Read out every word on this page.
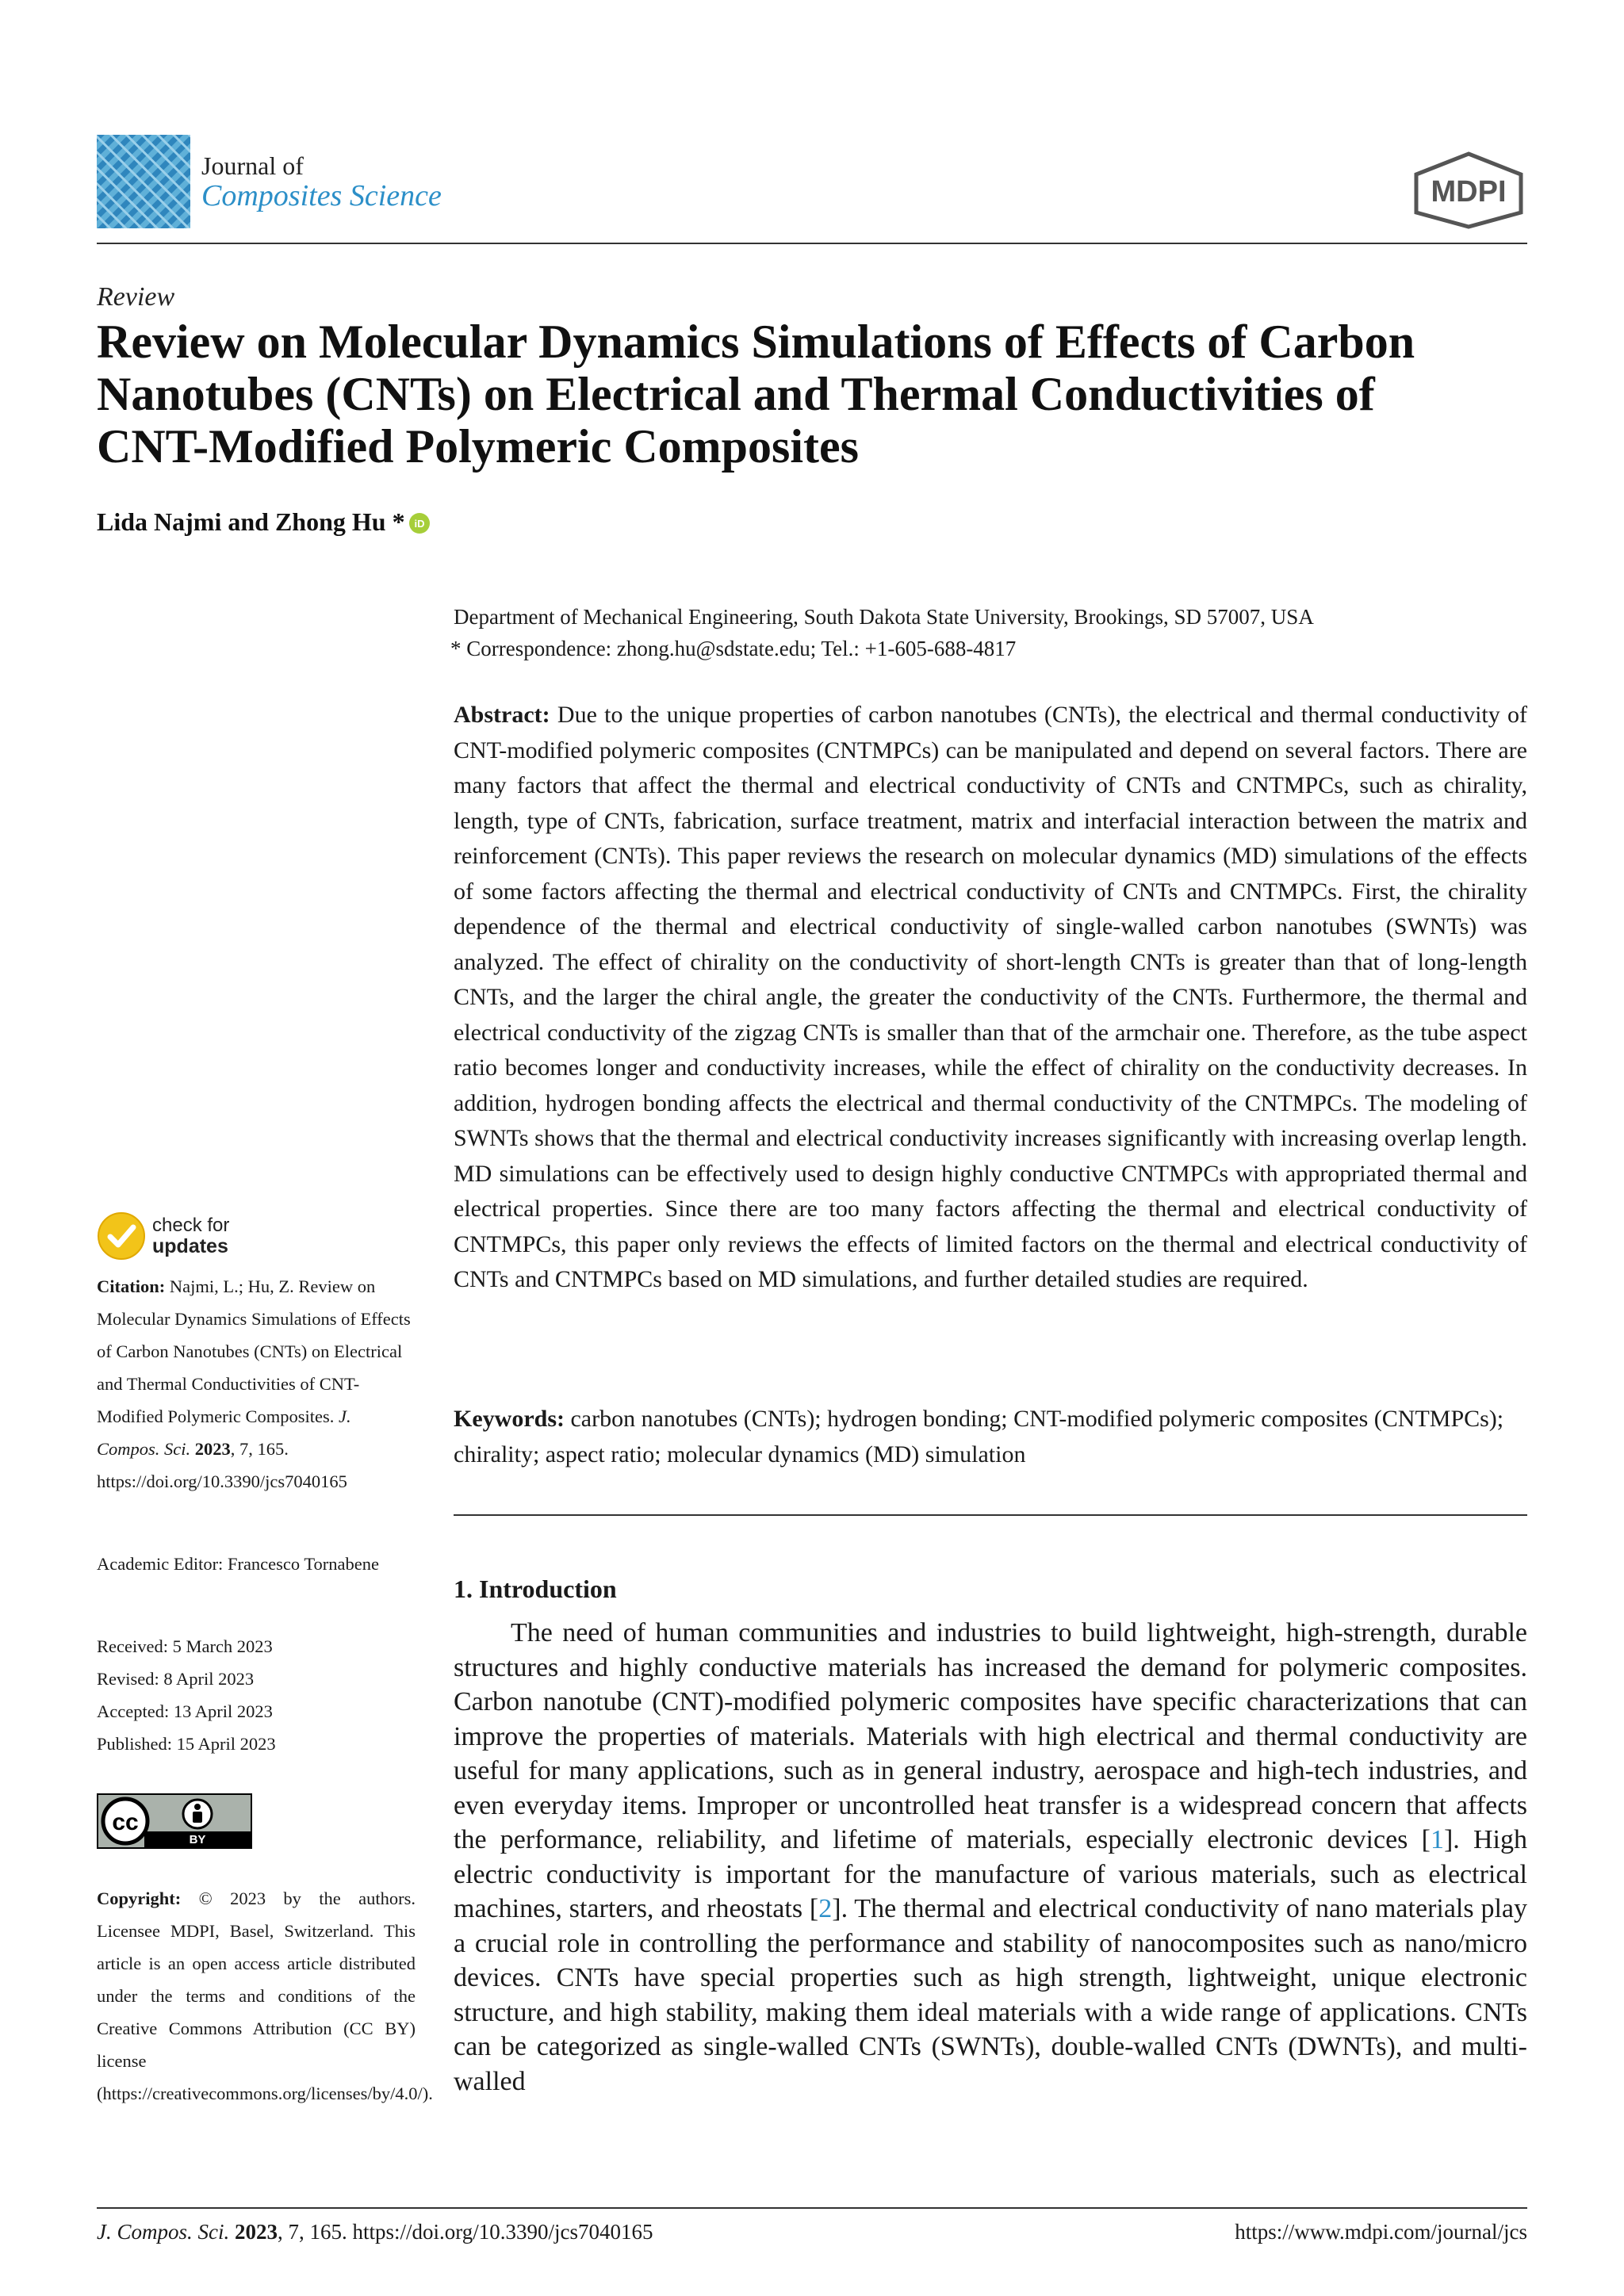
Journal of
Composites Science	MDPI
Review
Review on Molecular Dynamics Simulations of Effects of Carbon Nanotubes (CNTs) on Electrical and Thermal Conductivities of CNT-Modified Polymeric Composites
Lida Najmi and Zhong Hu * iD
Department of Mechanical Engineering, South Dakota State University, Brookings, SD 57007, USA
* Correspondence: zhong.hu@sdstate.edu; Tel.: +1-605-688-4817
Abstract: Due to the unique properties of carbon nanotubes (CNTs), the electrical and thermal conductivity of CNT-modified polymeric composites (CNTMPCs) can be manipulated and depend on several factors. There are many factors that affect the thermal and electrical conductivity of CNTs and CNTMPCs, such as chirality, length, type of CNTs, fabrication, surface treatment, matrix and interfacial interaction between the matrix and reinforcement (CNTs). This paper reviews the research on molecular dynamics (MD) simulations of the effects of some factors affecting the thermal and electrical conductivity of CNTs and CNTMPCs. First, the chirality dependence of the thermal and electrical conductivity of single-walled carbon nanotubes (SWNTs) was analyzed. The effect of chirality on the conductivity of short-length CNTs is greater than that of long-length CNTs, and the larger the chiral angle, the greater the conductivity of the CNTs. Furthermore, the thermal and electrical conductivity of the zigzag CNTs is smaller than that of the armchair one. Therefore, as the tube aspect ratio becomes longer and conductivity increases, while the effect of chirality on the conductivity decreases. In addition, hydrogen bonding affects the electrical and thermal conductivity of the CNTMPCs. The modeling of SWNTs shows that the thermal and electrical conductivity increases significantly with increasing overlap length. MD simulations can be effectively used to design highly conductive CNTMPCs with appropriated thermal and electrical properties. Since there are too many factors affecting the thermal and electrical conductivity of CNTMPCs, this paper only reviews the effects of limited factors on the thermal and electrical conductivity of CNTs and CNTMPCs based on MD simulations, and further detailed studies are required.
Keywords: carbon nanotubes (CNTs); hydrogen bonding; CNT-modified polymeric composites (CNTMPCs); chirality; aspect ratio; molecular dynamics (MD) simulation
1. Introduction
The need of human communities and industries to build lightweight, high-strength, durable structures and highly conductive materials has increased the demand for polymeric composites. Carbon nanotube (CNT)-modified polymeric composites have specific characterizations that can improve the properties of materials. Materials with high electrical and thermal conductivity are useful for many applications, such as in general industry, aerospace and high-tech industries, and even everyday items. Improper or uncontrolled heat transfer is a widespread concern that affects the performance, reliability, and lifetime of materials, especially electronic devices [1]. High electric conductivity is important for the manufacture of various materials, such as electrical machines, starters, and rheostats [2]. The thermal and electrical conductivity of nano materials play a crucial role in controlling the performance and stability of nanocomposites such as nano/micro devices. CNTs have special properties such as high strength, lightweight, unique electronic structure, and high stability, making them ideal materials with a wide range of applications. CNTs can be categorized as single-walled CNTs (SWNTs), double-walled CNTs (DWNTs), and multi-walled
check for
updates
Citation: Najmi, L.; Hu, Z. Review on Molecular Dynamics Simulations of Effects of Carbon Nanotubes (CNTs) on Electrical and Thermal Conductivities of CNT-Modified Polymeric Composites. J. Compos. Sci. 2023, 7, 165. https://doi.org/10.3390/jcs7040165
Academic Editor: Francesco Tornabene
Received: 5 March 2023
Revised: 8 April 2023
Accepted: 13 April 2023
Published: 15 April 2023
cc
BY
Copyright: © 2023 by the authors. Licensee MDPI, Basel, Switzerland. This article is an open access article distributed under the terms and conditions of the Creative Commons Attribution (CC BY) license (https://creativecommons.org/licenses/by/4.0/).
J. Compos. Sci. 2023, 7, 165. https://doi.org/10.3390/jcs7040165	https://www.mdpi.com/journal/jcs
